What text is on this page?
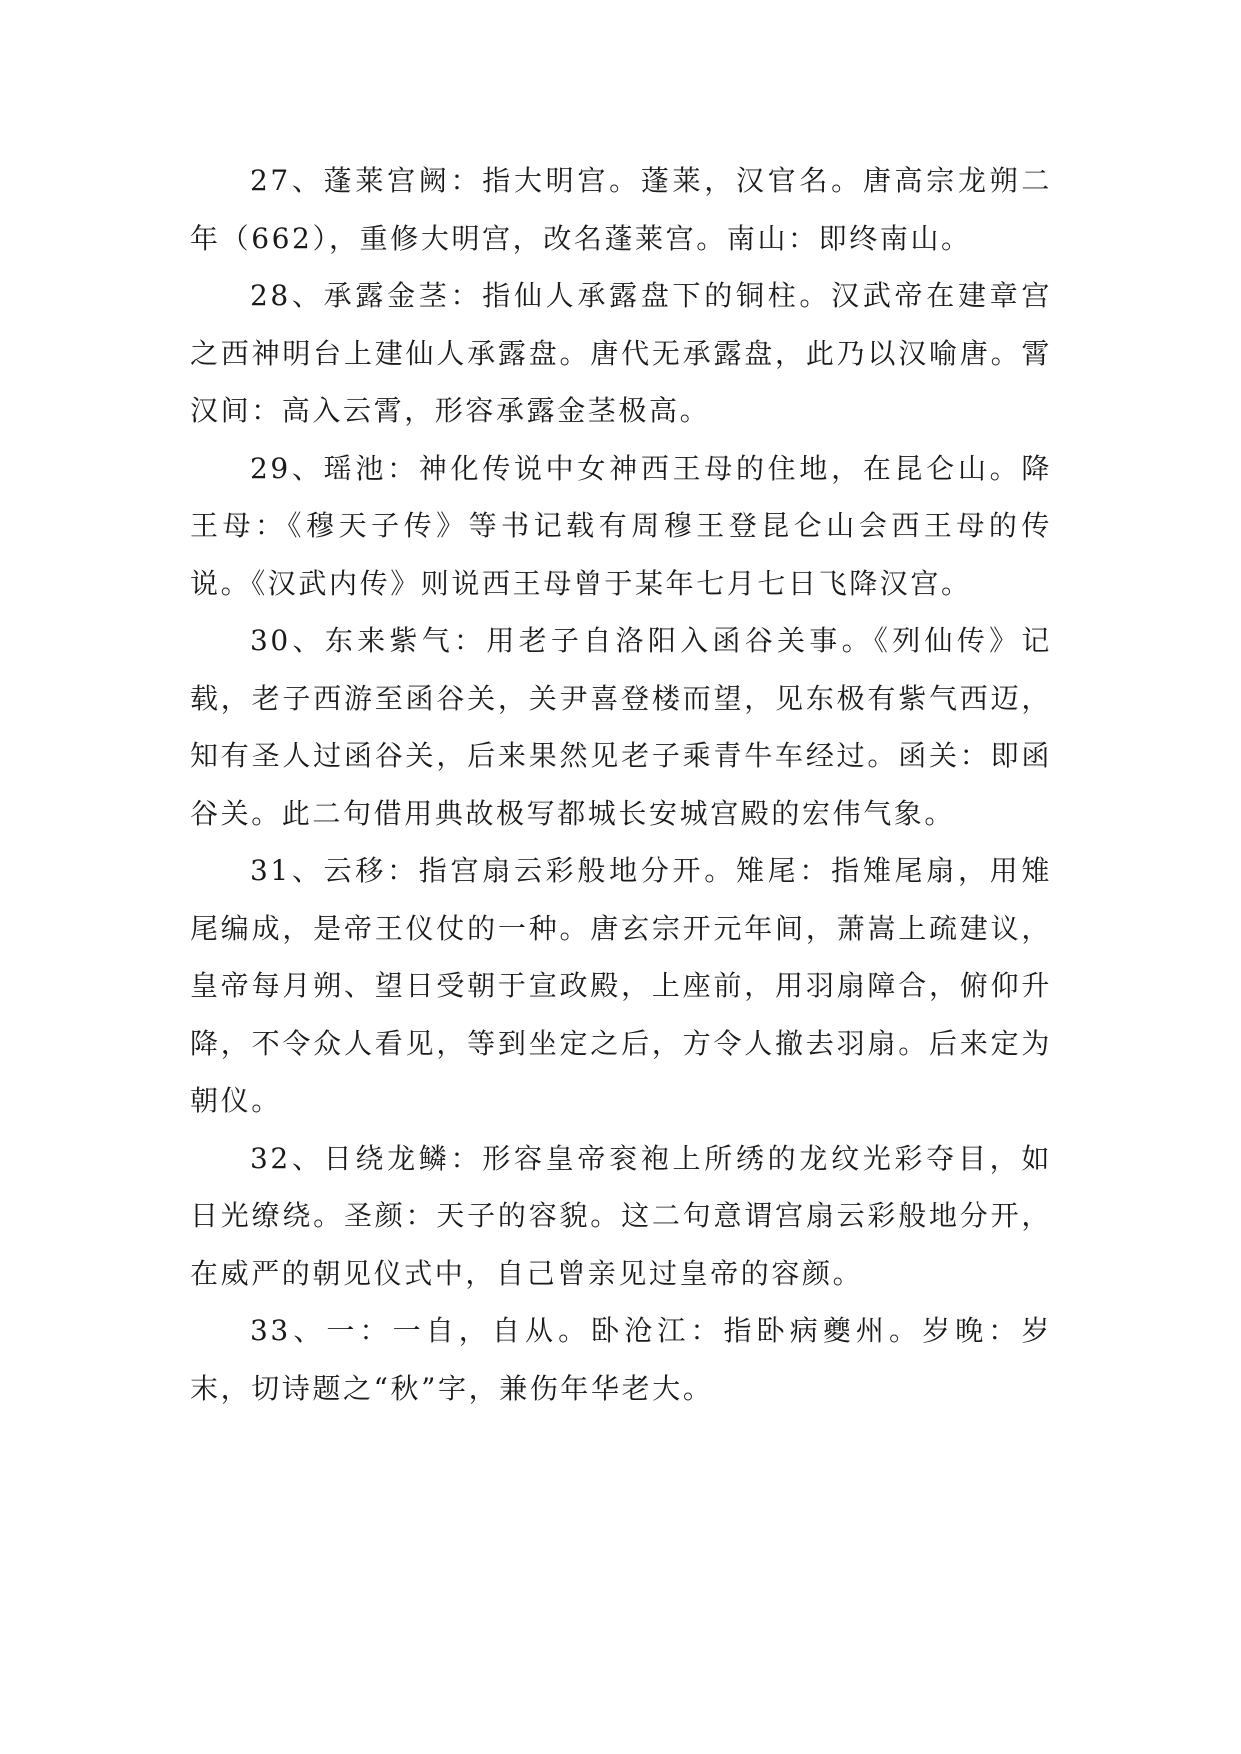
27、蓬莱宫阙：指大明宫。蓬莱，汉官名。唐高宗龙朔二年（662），重修大明宫，改名蓬莱宫。南山：即终南山。

28、承露金茎：指仙人承露盘下的铜柱。汉武帝在建章宫之西神明台上建仙人承露盘。唐代无承露盘，此乃以汉喻唐。霄汉间：高入云霄，形容承露金茎极高。

29、瑶池：神化传说中女神西王母的住地，在昆仑山。降王母：《穆天子传》等书记载有周穆王登昆仑山会西王母的传说。《汉武内传》则说西王母曾于某年七月七日飞降汉宫。

30、东来紫气：用老子自洛阳入函谷关事。《列仙传》记载，老子西游至函谷关，关尹喜登楼而望，见东极有紫气西迈，知有圣人过函谷关，后来果然见老子乘青牛车经过。函关：即函谷关。此二句借用典故极写都城长安城宫殿的宏伟气象。

31、云移：指宫扇云彩般地分开。雉尾：指雉尾扇，用雉尾编成，是帝王仪仗的一种。唐玄宗开元年间，萧嵩上疏建议，皇帝每月朔、望日受朝于宣政殿，上座前，用羽扇障合，俯仰升降，不令众人看见，等到坐定之后，方令人撤去羽扇。后来定为朝仪。

32、日绕龙鳞：形容皇帝衮袍上所绣的龙纹光彩夺目，如日光缭绕。圣颜：天子的容貌。这二句意谓宫扇云彩般地分开，在威严的朝见仪式中，自己曾亲见过皇帝的容颜。

33、一：一自，自从。卧沧江：指卧病夔州。岁晚：岁末，切诗题之“秋”字，兼伤年华老大。
